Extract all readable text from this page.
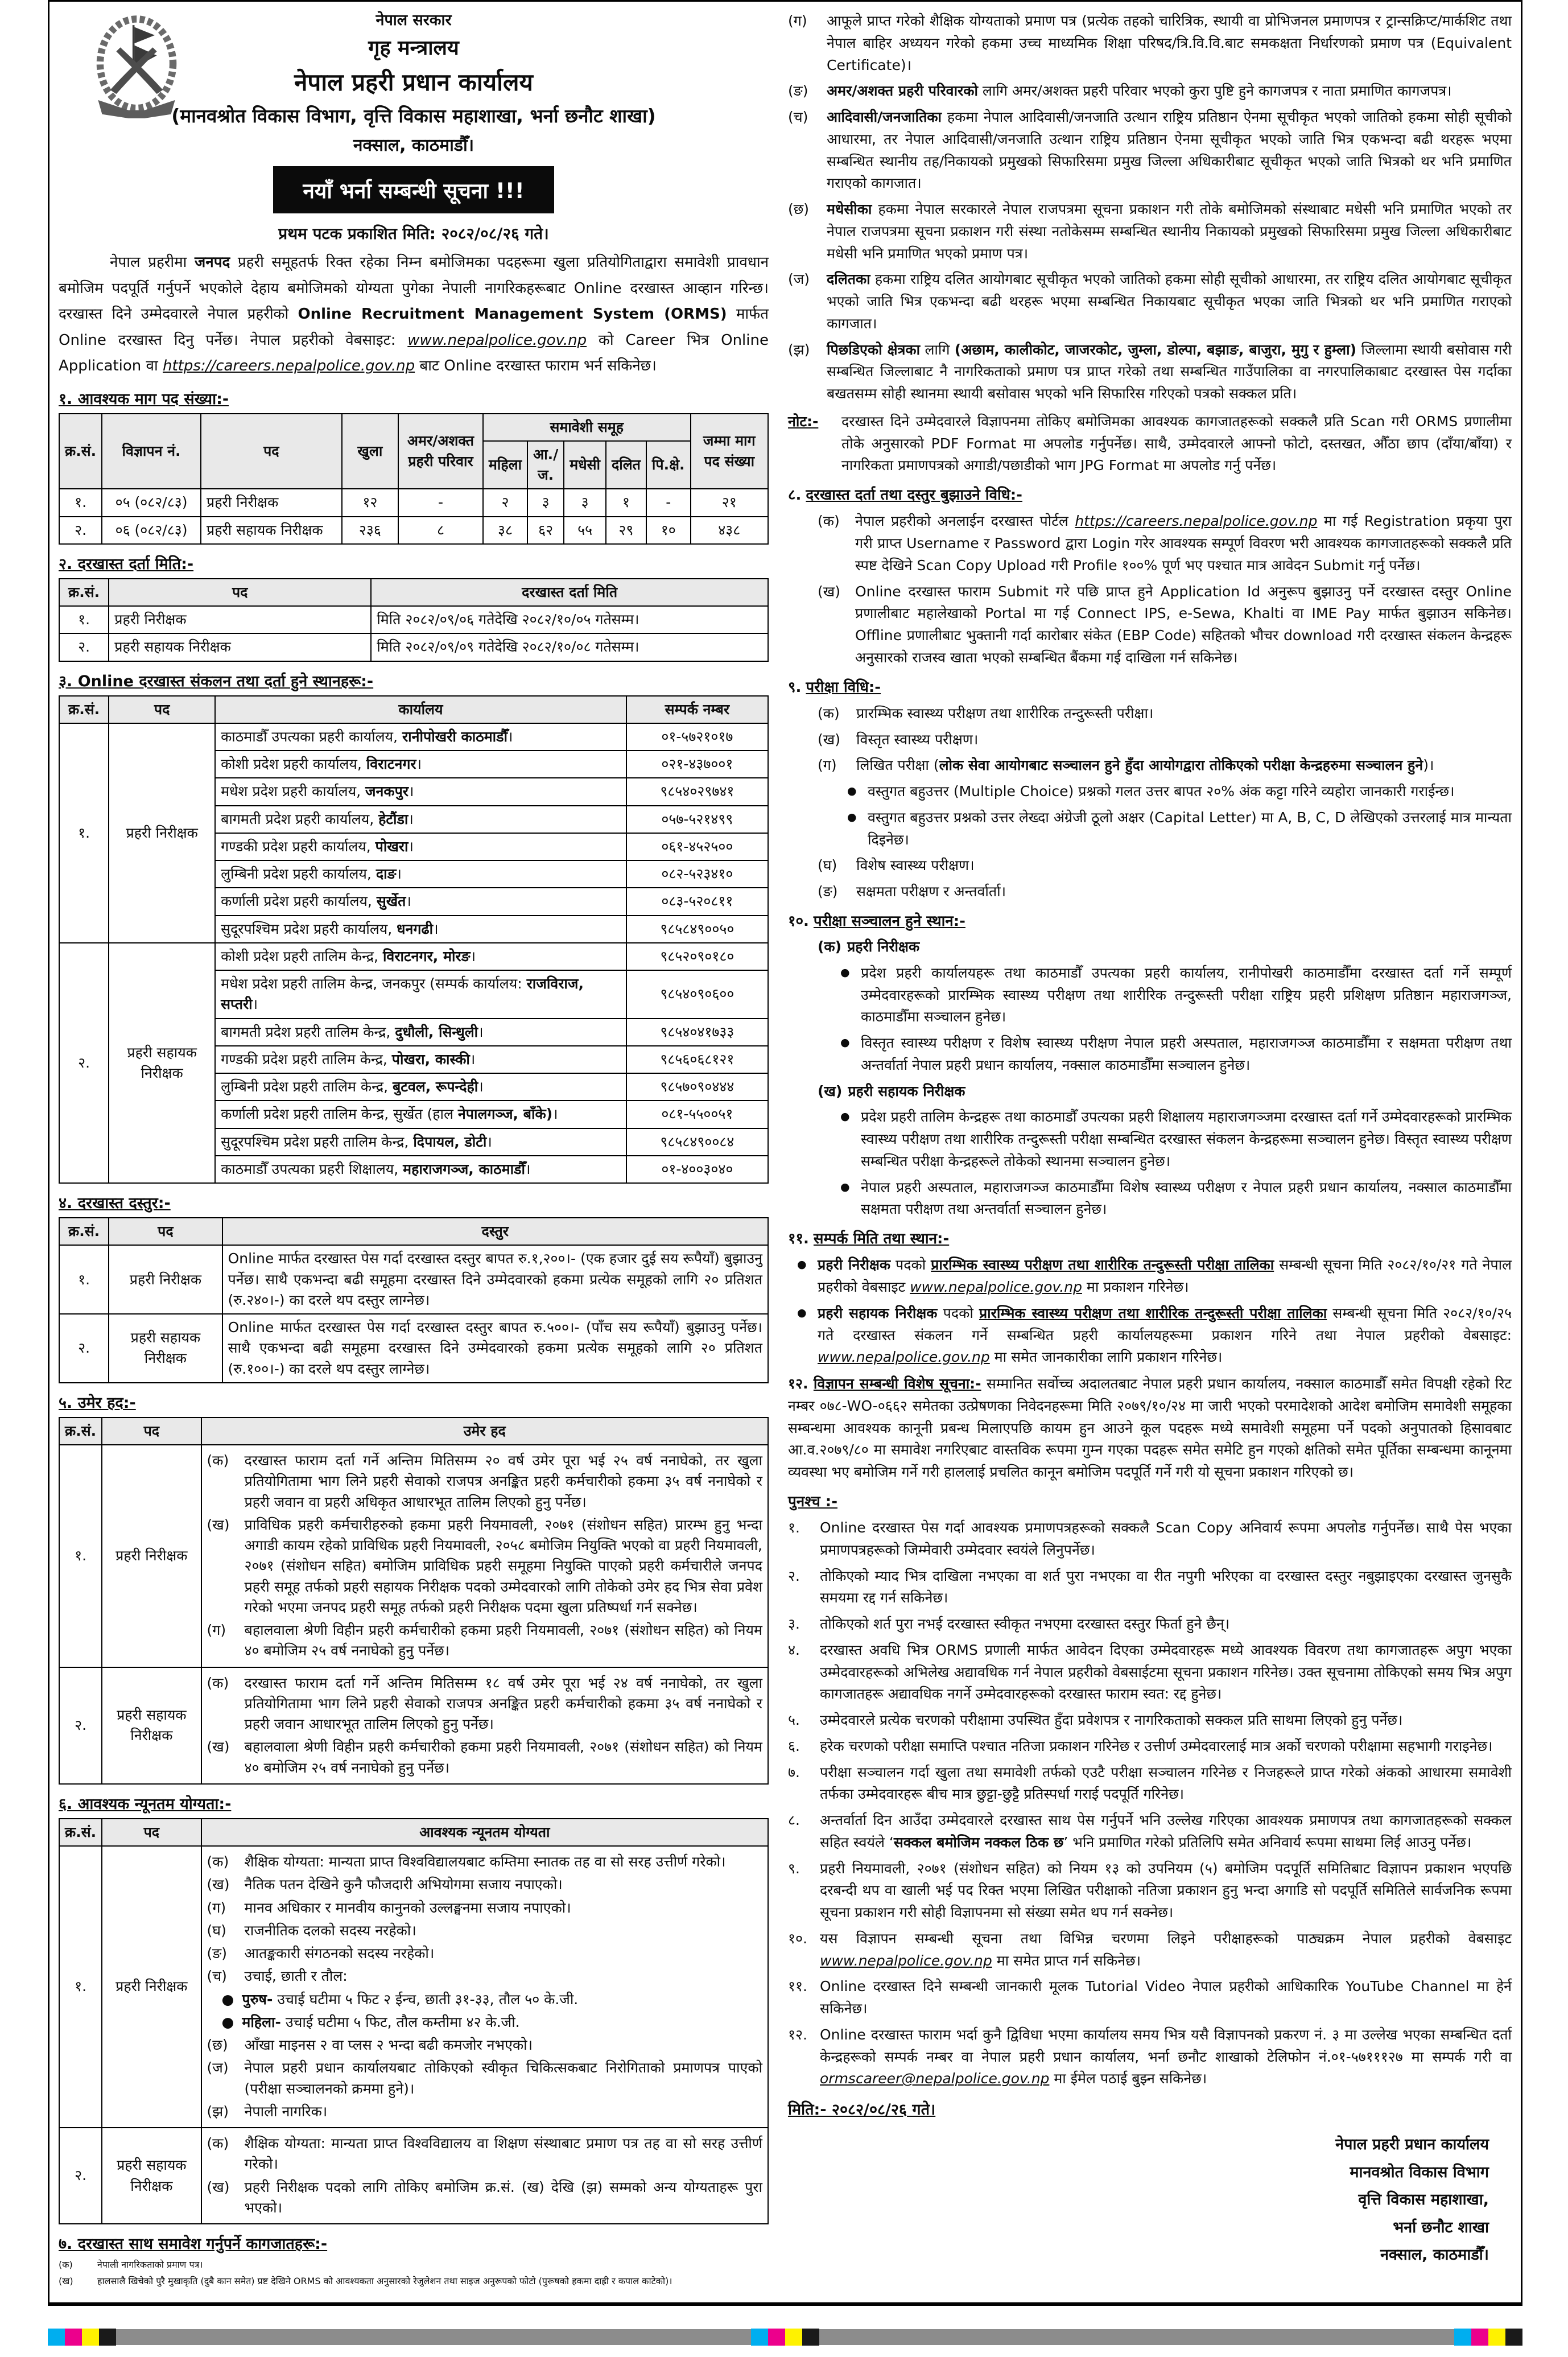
नेपाल सरकार
गृह मन्त्रालय
नेपाल प्रहरी प्रधान कार्यालय
(मानवश्रोत विकास विभाग, वृत्ति विकास महाशाखा, भर्ना छनौट शाखा)
नक्साल, काठमाडौँ।
नयाँ भर्ना सम्बन्धी सूचना !!!
प्रथम पटक प्रकाशित मिति: २०८२/०८/२६ गते।

नेपाल प्रहरीमा जनपद प्रहरी समूहतर्फ रिक्त रहेका निम्न बमोजिमका पदहरूमा खुला प्रतियोगिताद्वारा समावेशी प्रावधान बमोजिम पदपूर्ति गर्नुपर्ने भएकोले देहाय बमोजिमको योग्यता पुगेका नेपाली नागरिकहरूबाट Online दरखास्त आव्हान गरिन्छ। दरखास्त दिने उम्मेदवारले नेपाल प्रहरीको Online Recruitment Management System (ORMS) मार्फत Online दरखास्त दिनु पर्नेछ। नेपाल प्रहरीको वेबसाइट: www.nepalpolice.gov.np को Career भित्र Online Application वा https://careers.nepalpolice.gov.np बाट Online दरखास्त फाराम भर्न सकिनेछ।

१. आवश्यक माग पद संख्या:-
क्र.सं.	विज्ञापन नं.	पद	खुला	अमर/अशक्त प्रहरी परिवार	समावेशी समूह					जम्मा माग पद संख्या
					महिला	आ./ज.	मधेसी	दलित	पि.क्षे.	
१.	०५ (०८२/८३)	प्रहरी निरीक्षक	१२	-	२	३	३	१	-	२१
२.	०६ (०८२/८३)	प्रहरी सहायक निरीक्षक	२३६	८	३८	६२	५५	२९	१०	४३८
२. दरखास्त दर्ता मिति:-
क्र.सं.	पद	दरखास्त दर्ता मिति
१.	प्रहरी निरीक्षक	मिति २०८२/०९/०६ गतेदेखि २०८२/१०/०५ गतेसम्म।
२.	प्रहरी सहायक निरीक्षक	मिति २०८२/०९/०९ गतेदेखि २०८२/१०/०८ गतेसम्म।
३. Online दरखास्त संकलन तथा दर्ता हुने स्थानहरू:-
क्र.सं.	पद	कार्यालय	सम्पर्क नम्बर
१.	प्रहरी निरीक्षक	काठमाडौँ उपत्यका प्रहरी कार्यालय, रानीपोखरी काठमाडौँ।	०१-५७२१०१७
		कोशी प्रदेश प्रहरी कार्यालय, विराटनगर।	०२१-४३७००१
		मधेश प्रदेश प्रहरी कार्यालय, जनकपुर।	९८५४०२९७४१
		बागमती प्रदेश प्रहरी कार्यालय, हेटौंडा।	०५७-५२१४९९
		गण्डकी प्रदेश प्रहरी कार्यालय, पोखरा।	०६१-४५२५००
		लुम्बिनी प्रदेश प्रहरी कार्यालय, दाङ।	०८२-५२३४१०
		कर्णाली प्रदेश प्रहरी कार्यालय, सुर्खेत।	०८३-५२०८११
		सुदूरपश्चिम प्रदेश प्रहरी कार्यालय, धनगढी।	९८५८४९००५०
२.	प्रहरी सहायक निरीक्षक	कोशी प्रदेश प्रहरी तालिम केन्द्र, विराटनगर, मोरङ।	९८५२०९०१८०
		मधेश प्रदेश प्रहरी तालिम केन्द्र, जनकपुर (सम्पर्क कार्यालय: राजविराज, सप्तरी।	९८५४०९०६००
		बागमती प्रदेश प्रहरी तालिम केन्द्र, दुधौली, सिन्धुली।	९८५४०४१७३३
		गण्डकी प्रदेश प्रहरी तालिम केन्द्र, पोखरा, कास्की।	९८५६०६८१२१
		लुम्बिनी प्रदेश प्रहरी तालिम केन्द्र, बुटवल, रूपन्देही।	९८५७०९०४४४
		कर्णाली प्रदेश प्रहरी तालिम केन्द्र, सुर्खेत (हाल नेपालगञ्ज, बाँके)।	०८१-५५००५१
		सुदूरपश्चिम प्रदेश प्रहरी तालिम केन्द्र, दिपायल, डोटी।	९८५८४९००८४
		काठमाडौँ उपत्यका प्रहरी शिक्षालय, महाराजगञ्ज, काठमाडौँ।	०१-४००३०४०
४. दरखास्त दस्तुर:-
क्र.सं.	पद	दस्तुर
१.	प्रहरी निरीक्षक	Online मार्फत दरखास्त पेस गर्दा दरखास्त दस्तुर बापत रु.१,२००।- (एक हजार दुई सय रूपैयाँ) बुझाउनु पर्नेछ। साथै एकभन्दा बढी समूहमा दरखास्त दिने उम्मेदवारको हकमा प्रत्येक समूहको लागि २० प्रतिशत (रु.२४०।-) का दरले थप दस्तुर लाग्नेछ।
२.	प्रहरी सहायक निरीक्षक	Online मार्फत दरखास्त पेस गर्दा दरखास्त दस्तुर बापत रु.५००।- (पाँच सय रूपैयाँ) बुझाउनु पर्नेछ। साथै एकभन्दा बढी समूहमा दरखास्त दिने उम्मेदवारको हकमा प्रत्येक समूहको लागि २० प्रतिशत (रु.१००।-) का दरले थप दस्तुर लाग्नेछ।
५. उमेर हद:-
क्र.सं.	पद	उमेर हद
१.	प्रहरी निरीक्षक	
(क)	दरखास्त फाराम दर्ता गर्ने अन्तिम मितिसम्म २० वर्ष उमेर पूरा भई २५ वर्ष ननाघेको, तर खुला प्रतियोगितामा भाग लिने प्रहरी सेवाको राजपत्र अनङ्कित प्रहरी कर्मचारीको हकमा ३५ वर्ष ननाघेको र प्रहरी जवान वा प्रहरी अधिकृत आधारभूत तालिम लिएको हुनु पर्नेछ।
(ख)	प्राविधिक प्रहरी कर्मचारीहरुको हकमा प्रहरी नियमावली, २०७१ (संशोधन सहित) प्रारम्भ हुनु भन्दा अगाडी कायम रहेको प्राविधिक प्रहरी नियमावली, २०५८ बमोजिम नियुक्ति भएको वा प्रहरी नियमावली, २०७१ (संशोधन सहित) बमोजिम प्राविधिक प्रहरी समूहमा नियुक्ति पाएको प्रहरी कर्मचारीले जनपद प्रहरी समूह तर्फको प्रहरी सहायक निरीक्षक पदको उम्मेदवारको लागि तोकेको उमेर हद भित्र सेवा प्रवेश गरेको भएमा जनपद प्रहरी समूह तर्फको प्रहरी निरीक्षक पदमा खुला प्रतिष्पर्धा गर्न सक्नेछ।
(ग)	बहालवाला श्रेणी विहीन प्रहरी कर्मचारीको हकमा प्रहरी नियमावली, २०७१ (संशोधन सहित) को नियम ४० बमोजिम २५ वर्ष ननाघेको हुनु पर्नेछ।

२.	प्रहरी सहायक निरीक्षक	(क) दरखास्त फाराम दर्ता गर्ने अन्तिम मितिसम्म १८ वर्ष उमेर पूरा भई २४ वर्ष ननाघेको, तर खुला प्रतियोगितामा भाग लिने प्रहरी सेवाको राजपत्र अनङ्कित प्रहरी कर्मचारीको हकमा ३५ वर्ष ननाघेको र प्रहरी जवान आधारभूत तालिम लिएको हुनु पर्नेछ।
(ख) बहालवाला श्रेणी विहीन प्रहरी कर्मचारीको हकमा प्रहरी नियमावली, २०७१ (संशोधन सहित) को नियम ४० बमोजिम २५ वर्ष ननाघेको हुनु पर्नेछ।
६. आवश्यक न्यूनतम योग्यता:-
क्र.सं.	पद	आवश्यक न्यूनतम योग्यता
१.	प्रहरी निरीक्षक	
(क)	शैक्षिक योग्यता: मान्यता प्राप्त विश्वविद्यालयबाट कम्तिमा स्नातक तह वा सो सरह उत्तीर्ण गरेको।
(ख)	नैतिक पतन देखिने कुनै फौजदारी अभियोगमा सजाय नपाएको।
(ग)	मानव अधिकार र मानवीय कानुनको उल्लङ्घनमा सजाय नपाएको।
(घ)	राजनीतिक दलको सदस्य नरहेको।
(ङ)	आतङ्ककारी संगठनको सदस्य नरहेको।
(च)	उचाई, छाती र तौल:
● पुरुष- उचाई घटीमा ५ फिट २ ईन्च, छाती ३१-३३, तौल ५० के.जी.
● महिला- उचाई घटीमा ५ फिट, तौल कम्तीमा ४२ के.जी.
(छ)	आँखा माइनस २ वा प्लस २ भन्दा बढी कमजोर नभएको।
(ज)	नेपाल प्रहरी प्रधान कार्यालयबाट तोकिएको स्वीकृत चिकित्सकबाट निरोगिताको प्रमाणपत्र पाएको (परीक्षा सञ्चालनको क्रममा हुने)।
(झ)	नेपाली नागरिक।

२.	प्रहरी सहायक निरीक्षक	(क) शैक्षिक योग्यता: मान्यता प्राप्त विश्वविद्यालय वा शिक्षण संस्थाबाट प्रमाण पत्र तह वा सो सरह उत्तीर्ण गरेको।
(ख) प्रहरी निरीक्षक पदको लागि तोकिए बमोजिम क्र.सं. (ख) देखि (झ) सम्मको अन्य योग्यताहरू पुरा भएको।
७. दरखास्त साथ समावेश गर्नुपर्ने कागजातहरू:-
(क)	नेपाली नागरिकताको प्रमाण पत्र।
(ख)	हालसालै खिचेको पुरै मुखाकृति (दुबै कान समेत) प्रष्ट देखिने ORMS को आवश्यकता अनुसारको रेजुलेशन तथा साइज अनुरूपको फोटो (पुरूषको हकमा दाह्री र कपाल काटेको)।
(ग)	आफूले प्राप्त गरेको शैक्षिक योग्यताको प्रमाण पत्र (प्रत्येक तहको चारित्रिक, स्थायी वा प्रोभिजनल प्रमाणपत्र र ट्रान्सक्रिप्ट/मार्कशिट तथा नेपाल बाहिर अध्ययन गरेको हकमा उच्च माध्यमिक शिक्षा परिषद/त्रि.वि.वि.बाट समकक्षता निर्धारणको प्रमाण पत्र (Equivalent Certificate)।
(ङ)	अमर/अशक्त प्रहरी परिवारको लागि अमर/अशक्त प्रहरी परिवार भएको कुरा पुष्टि हुने कागजपत्र र नाता प्रमाणित कागजपत्र।
(च)	आदिवासी/जनजातिका हकमा नेपाल आदिवासी/जनजाति उत्थान राष्ट्रिय प्रतिष्ठान ऐनमा सूचीकृत भएको जातिको हकमा सोही सूचीको आधारमा, तर नेपाल आदिवासी/जनजाति उत्थान राष्ट्रिय प्रतिष्ठान ऐनमा सूचीकृत भएको जाति भित्र एकभन्दा बढी थरहरू भएमा सम्बन्धित स्थानीय तह/निकायको प्रमुखको सिफारिसमा प्रमुख जिल्ला अधिकारीबाट सूचीकृत भएको जाति भित्रको थर भनि प्रमाणित गराएको कागजात।
(छ)	मधेसीका हकमा नेपाल सरकारले नेपाल राजपत्रमा सूचना प्रकाशन गरी तोके बमोजिमको संस्थाबाट मधेसी भनि प्रमाणित भएको तर नेपाल राजपत्रमा सूचना प्रकाशन गरी संस्था नतोकेसम्म सम्बन्धित स्थानीय निकायको प्रमुखको सिफारिसमा प्रमुख जिल्ला अधिकारीबाट मधेसी भनि प्रमाणित भएको प्रमाण पत्र।
(ज)	दलितका हकमा राष्ट्रिय दलित आयोगबाट सूचीकृत भएको जातिको हकमा सोही सूचीको आधारमा, तर राष्ट्रिय दलित आयोगबाट सूचीकृत भएको जाति भित्र एकभन्दा बढी थरहरू भएमा सम्बन्धित निकायबाट सूचीकृत भएका जाति भित्रको थर भनि प्रमाणित गराएको कागजात।
(झ)	पिछडिएको क्षेत्रका लागि (अछाम, कालीकोट, जाजरकोट, जुम्ला, डोल्पा, बझाङ, बाजुरा, मुगु र हुम्ला) जिल्लामा स्थायी बसोवास गरी सम्बन्धित जिल्लाबाट नै नागरिकताको प्रमाण पत्र प्राप्त गरेको तथा सम्बन्धित गाउँपालिका वा नगरपालिकाबाट दरखास्त पेस गर्दाका बखतसम्म सोही स्थानमा स्थायी बसोवास भएको भनि सिफारिस गरिएको पत्रको सक्कल प्रति।
नोट:-	दरखास्त दिने उम्मेदवारले विज्ञापनमा तोकिए बमोजिमका आवश्यक कागजातहरूको सक्कलै प्रति Scan गरी ORMS प्रणालीमा तोके अनुसारको PDF Format मा अपलोड गर्नुपर्नेछ। साथै, उम्मेदवारले आफ्नो फोटो, दस्तखत, औँठा छाप (दाँया/बाँया) र नागरिकता प्रमाणपत्रको अगाडी/पछाडीको भाग JPG Format मा अपलोड गर्नु पर्नेछ।
८. दरखास्त दर्ता तथा दस्तुर बुझाउने विधि:-
(क)	नेपाल प्रहरीको अनलाईन दरखास्त पोर्टल https://careers.nepalpolice.gov.np मा गई Registration प्रकृया पुरा गरी प्राप्त Username र Password द्वारा Login गरेर आवश्यक सम्पूर्ण विवरण भरी आवश्यक कागजातहरूको सक्कलै प्रति स्पष्ट देखिने Scan Copy Upload गरी Profile १००% पूर्ण भए पश्चात मात्र आवेदन Submit गर्नु पर्नेछ।
(ख)	Online दरखास्त फाराम Submit गरे पछि प्राप्त हुने Application Id अनुरूप बुझाउनु पर्ने दरखास्त दस्तुर Online प्रणालीबाट महालेखाको Portal मा गई Connect IPS, e-Sewa, Khalti वा IME Pay मार्फत बुझाउन सकिनेछ। Offline प्रणालीबाट भुक्तानी गर्दा कारोबार संकेत (EBP Code) सहितको भौचर download गरी दरखास्त संकलन केन्द्रहरू अनुसारको राजस्व खाता भएको सम्बन्धित बैंकमा गई दाखिला गर्न सकिनेछ।
९. परीक्षा विधि:-
(क)	प्रारम्भिक स्वास्थ्य परीक्षण तथा शारीरिक तन्दुरूस्ती परीक्षा।
(ख)	विस्तृत स्वास्थ्य परीक्षण।
(ग)	लिखित परीक्षा (लोक सेवा आयोगबाट सञ्चालन हुने हुँदा आयोगद्वारा तोकिएको परीक्षा केन्द्रहरुमा सञ्चालन हुने)।
● वस्तुगत बहुउत्तर (Multiple Choice) प्रश्नको गलत उत्तर बापत २०% अंक कट्टा गरिने व्यहोरा जानकारी गराईन्छ।
● वस्तुगत बहुउत्तर प्रश्नको उत्तर लेख्दा अंग्रेजी ठूलो अक्षर (Capital Letter) मा A, B, C, D लेखिएको उत्तरलाई मात्र मान्यता दिइनेछ।
(घ)	विशेष स्वास्थ्य परीक्षण।
(ङ)	सक्षमता परीक्षण र अन्तर्वार्ता।
१०. परीक्षा सञ्चालन हुने स्थान:-
(क) प्रहरी निरीक्षक
● प्रदेश प्रहरी कार्यालयहरू तथा काठमाडौँ उपत्यका प्रहरी कार्यालय, रानीपोखरी काठमाडौँमा दरखास्त दर्ता गर्ने सम्पूर्ण उम्मेदवारहरूको प्रारम्भिक स्वास्थ्य परीक्षण तथा शारीरिक तन्दुरूस्ती परीक्षा राष्ट्रिय प्रहरी प्रशिक्षण प्रतिष्ठान महाराजगञ्ज, काठमाडौँमा सञ्चालन हुनेछ।
● विस्तृत स्वास्थ्य परीक्षण र विशेष स्वास्थ्य परीक्षण नेपाल प्रहरी अस्पताल, महाराजगञ्ज काठमाडौँमा र सक्षमता परीक्षण तथा अन्तर्वार्ता नेपाल प्रहरी प्रधान कार्यालय, नक्साल काठमाडौँमा सञ्चालन हुनेछ।
(ख) प्रहरी सहायक निरीक्षक
● प्रदेश प्रहरी तालिम केन्द्रहरू तथा काठमाडौँ उपत्यका प्रहरी शिक्षालय महाराजगञ्जमा दरखास्त दर्ता गर्ने उम्मेदवारहरूको प्रारम्भिक स्वास्थ्य परीक्षण तथा शारीरिक तन्दुरूस्ती परीक्षा सम्बन्धित दरखास्त संकलन केन्द्रहरूमा सञ्चालन हुनेछ। विस्तृत स्वास्थ्य परीक्षण सम्बन्धित परीक्षा केन्द्रहरूले तोकेको स्थानमा सञ्चालन हुनेछ।
● नेपाल प्रहरी अस्पताल, महाराजगञ्ज काठमाडौँमा विशेष स्वास्थ्य परीक्षण र नेपाल प्रहरी प्रधान कार्यालय, नक्साल काठमाडौँमा सक्षमता परीक्षण तथा अन्तर्वार्ता सञ्चालन हुनेछ।
११. सम्पर्क मिति तथा स्थान:-
● प्रहरी निरीक्षक पदको प्रारम्भिक स्वास्थ्य परीक्षण तथा शारीरिक तन्दुरूस्ती परीक्षा तालिका सम्बन्धी सूचना मिति २०८२/१०/२१ गते नेपाल प्रहरीको वेबसाइट www.nepalpolice.gov.np मा प्रकाशन गरिनेछ।
● प्रहरी सहायक निरीक्षक पदको प्रारम्भिक स्वास्थ्य परीक्षण तथा शारीरिक तन्दुरूस्ती परीक्षा तालिका सम्बन्धी सूचना मिति २०८२/१०/२५ गते दरखास्त संकलन गर्ने सम्बन्धित प्रहरी कार्यालयहरूमा प्रकाशन गरिने तथा नेपाल प्रहरीको वेबसाइट: www.nepalpolice.gov.np मा समेत जानकारीका लागि प्रकाशन गरिनेछ।
१२. विज्ञापन सम्बन्धी विशेष सूचना:- सम्मानित सर्वोच्च अदालतबाट नेपाल प्रहरी प्रधान कार्यालय, नक्साल काठमाडौँ समेत विपक्षी रहेको रिट नम्बर ०७८-WO-०६६२ समेतका उत्प्रेषणका निवेदनहरूमा मिति २०७९/१०/२४ मा जारी भएको परमादेशको आदेश बमोजिम समावेशी समूहका सम्बन्धमा आवश्यक कानूनी प्रबन्ध मिलाएपछि कायम हुन आउने कूल पदहरू मध्ये समावेशी समूहमा पर्ने पदको अनुपातको हिसावबाट आ.व.२०७९/८० मा समावेश नगरिएबाट वास्तविक रूपमा गुम्न गएका पदहरू समेत समेटि हुन गएको क्षतिको समेत पूर्तिका सम्बन्धमा कानूनमा व्यवस्था भए बमोजिम गर्ने गरी हाललाई प्रचलित कानून बमोजिम पदपूर्ति गर्ने गरी यो सूचना प्रकाशन गरिएको छ।
पुनश्च :-
१.	Online दरखास्त पेस गर्दा आवश्यक प्रमाणपत्रहरूको सक्कलै Scan Copy अनिवार्य रूपमा अपलोड गर्नुपर्नेछ। साथै पेस भएका प्रमाणपत्रहरूको जिम्मेवारी उम्मेदवार स्वयंले लिनुपर्नेछ।
२.	तोकिएको म्याद भित्र दाखिला नभएका वा शर्त पुरा नभएका वा रीत नपुगी भरिएका वा दरखास्त दस्तुर नबुझाइएका दरखास्त जुनसुकै समयमा रद्द गर्न सकिनेछ।
३.	तोकिएको शर्त पुरा नभई दरखास्त स्वीकृत नभएमा दरखास्त दस्तुर फिर्ता हुने छैन्।
४.	दरखास्त अवधि भित्र ORMS प्रणाली मार्फत आवेदन दिएका उम्मेदवारहरू मध्ये आवश्यक विवरण तथा कागजातहरू अपुग भएका उम्मेदवारहरूको अभिलेख अद्यावधिक गर्न नेपाल प्रहरीको वेबसाईटमा सूचना प्रकाशन गरिनेछ। उक्त सूचनामा तोकिएको समय भित्र अपुग कागजातहरू अद्यावधिक नगर्ने उम्मेदवारहरूको दरखास्त फाराम स्वत: रद्द हुनेछ।
५.	उम्मेदवारले प्रत्येक चरणको परीक्षामा उपस्थित हुँदा प्रवेशपत्र र नागरिकताको सक्कल प्रति साथमा लिएको हुनु पर्नेछ।
६.	हरेक चरणको परीक्षा समाप्ति पश्चात नतिजा प्रकाशन गरिनेछ र उत्तीर्ण उम्मेदवारलाई मात्र अर्को चरणको परीक्षामा सहभागी गराइनेछ।
७.	परीक्षा सञ्चालन गर्दा खुला तथा समावेशी तर्फको एउटै परीक्षा सञ्चालन गरिनेछ र निजहरूले प्राप्त गरेको अंकको आधारमा समावेशी तर्फका उम्मेदवारहरू बीच मात्र छुट्टा-छुट्टै प्रतिस्पर्धा गराई पदपूर्ति गरिनेछ।
८.	अन्तर्वार्ता दिन आउँदा उम्मेदवारले दरखास्त साथ पेस गर्नुपर्ने भनि उल्लेख गरिएका आवश्यक प्रमाणपत्र तथा कागजातहरूको सक्कल सहित स्वयंले ‘सक्कल बमोजिम नक्कल ठिक छ’ भनि प्रमाणित गरेको प्रतिलिपि समेत अनिवार्य रूपमा साथमा लिई आउनु पर्नेछ।
९.	प्रहरी नियमावली, २०७१ (संशोधन सहित) को नियम १३ को उपनियम (५) बमोजिम पदपूर्ति समितिबाट विज्ञापन प्रकाशन भएपछि दरबन्दी थप वा खाली भई पद रिक्त भएमा लिखित परीक्षाको नतिजा प्रकाशन हुनु भन्दा अगाडि सो पदपूर्ति समितिले सार्वजनिक रूपमा सूचना प्रकाशन गरी सोही विज्ञापनमा सो संख्या समेत थप गर्न सक्नेछ।
१०. यस विज्ञापन सम्बन्धी सूचना तथा विभिन्न चरणमा लिइने परीक्षाहरूको पाठ्यक्रम नेपाल प्रहरीको वेबसाइट www.nepalpolice.gov.np मा समेत प्राप्त गर्न सकिनेछ।
११. Online दरखास्त दिने सम्बन्धी जानकारी मूलक Tutorial Video नेपाल प्रहरीको आधिकारिक YouTube Channel मा हेर्न सकिनेछ।
१२. Online दरखास्त फाराम भर्दा कुनै द्विविधा भएमा कार्यालय समय भित्र यसै विज्ञापनको प्रकरण नं. ३ मा उल्लेख भएका सम्बन्धित दर्ता केन्द्रहरूको सम्पर्क नम्बर वा नेपाल प्रहरी प्रधान कार्यालय, भर्ना छनौट शाखाको टेलिफोन नं.०१-५७१११२७ मा सम्पर्क गरी वा ormscareer@nepalpolice.gov.np मा ईमेल पठाई बुझ्न सकिनेछ।
मिति:- २०८२/०८/२६ गते।
नेपाल प्रहरी प्रधान कार्यालय
मानवश्रोत विकास विभाग
वृत्ति विकास महाशाखा,
भर्ना छनौट शाखा
नक्साल, काठमाडौँ।
